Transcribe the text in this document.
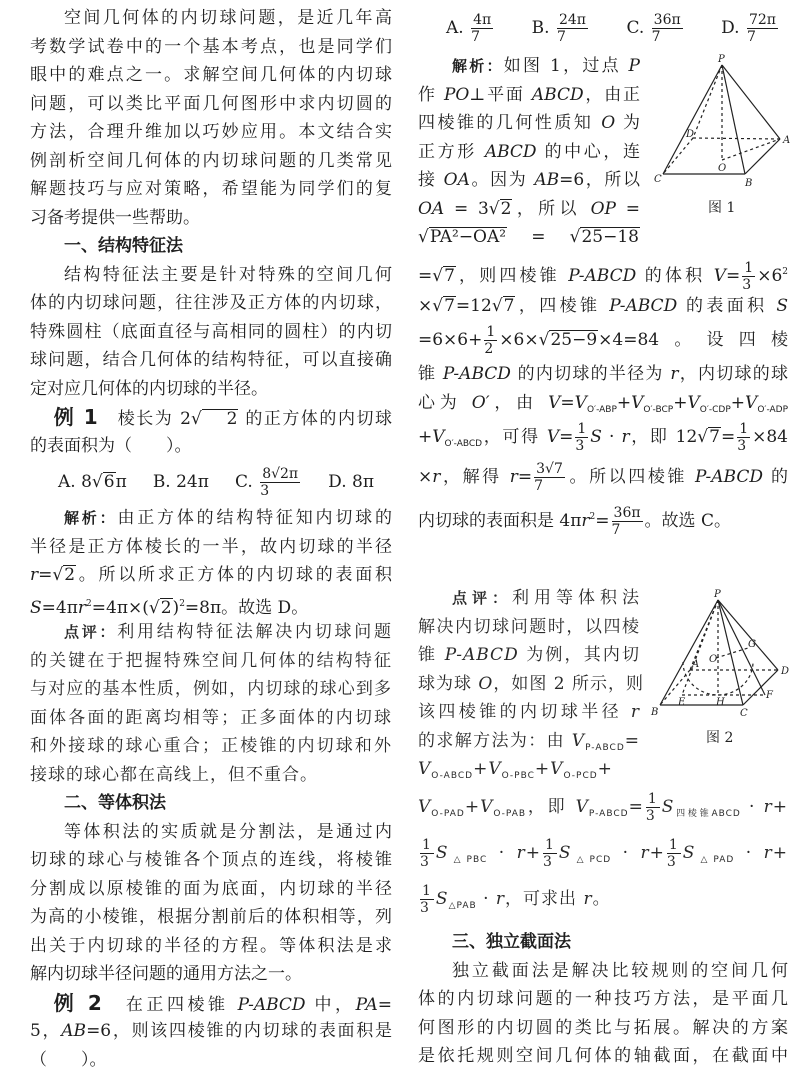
空间几何体的内切球问题，是近几年高
考数学试卷中的一个基本考点，也是同学们
眼中的难点之一。求解空间几何体的内切球
问题，可以类比平面几何图形中求内切圆的
方法，合理升维加以巧妙应用。本文结合实
例剖析空间几何体的内切球问题的几类常见
解题技巧与应对策略，希望能为同学们的复
习备考提供一些帮助。
一、结构特征法
结构特征法主要是针对特殊的空间几何
体的内切球问题，往往涉及正方体的内切球，
特殊圆柱（底面直径与高相同的圆柱）的内切
球问题，结合几何体的结构特征，可以直接确
定对应几何体的内切球的半径。
例 1　棱长为 2√ 2 的正方体的内切球
的表面积为（　　）。
A. 8√6π B. 24π C. $\frac{8√2\pi}{3} D$. 8π
解析：由正方体的结构特征知内切球的
半径是正方体棱长的一半，故内切球的半径
r=√2。所以所求正方体的内切球的表面积
$S=4\pi r^2=4\pi\times(√2)^2=8\pi$。故选 D。
点评：利用结构特征法解决内切球问题
的关键在于把握特殊空间几何体的结构特征
与对应的基本性质，例如，内切球的球心到多
面体各面的距离均相等；正多面体的内切球
和外接球的球心重合；正棱锥的内切球和外
接球的球心都在高线上，但不重合。
二、等体积法
等体积法的实质就是分割法，是通过内
切球的球心与棱锥各个顶点的连线，将棱锥
分割成以原棱锥的面为底面，内切球的半径
为高的小棱锥，根据分割前后的体积相等，列
出关于内切球的半径的方程。等体积法是求
解内切球半径问题的通用方法之一。
例 2　在正四棱锥 P-ABCD 中，PA=
5，AB=6，则该四棱锥的内切球的表面积是
（　　）。
A. $\frac{4\pi}{7} B$. $\frac{24\pi}{7} C$. $\frac{36\pi}{7} D$. $\frac{72\pi}{7}$
解析：如图 1，过点 P
作 PO⊥平面 ABCD，由正
四棱锥的几何性质知 O 为
正方形 ABCD 的中心，连
接 OA。因为 AB=6，所以
OA = 3√2，所以 OP =
√PA²−OA² = √25−18
=√7，则四棱锥 P-ABCD 的体积 $V= \frac{1}{3} \times 6^2$
×√7=12√7，四棱锥 P-ABCD 的表面积 S
$=6\times 6+ \frac{1}{2} \times 6\times√25-9\times 4=84$。设四棱
锥 P-ABCD 的内切球的半径为 r，内切球的球
心为 O′，由 $V=V_{O'-ABP}+V_{O'-BCP}+V_{O'-CDP}+V_{O'-ADP}$
$+V_{O'-ABCD}$，可得 $V= \frac{1}{3}$ S · r，即 $12√7= \frac{1}{3} \times 84$
×r，解得 $r= \frac{3√7}{7}$ 。所以四棱锥 P-ABCD 的
内切球的表面积是 $4\pi r^2= \frac{36\pi}{7}$ 。故选 C。
点评：利用等体积法
解决内切球问题时，以四棱
锥 P-ABCD 为例，其内切
球为球 O，如图 2 所示，则
该四棱锥的内切球半径 r
的求解方法为：由 $V_{P-ABCD}=$
$V_{O-ABCD}+V_{O-PBC}+V_{O-PCD}+$
$V_{O-PAD}+V_{O-PAB}$，即 $V_{P-ABCD}= \frac{1}{3} S_{四棱锥ABCD} \cdot r+$
$\frac{1}{3} S_{\triangle PBC} \cdot r+ \frac{1}{3} S_{\triangle PCD} \cdot r+ \frac{1}{3} S_{\triangle PAD} \cdot r+$
$\frac{1}{3} S_{\triangle PAB} \cdot r$，可求出 r。
三、独立截面法
独立截面法是解决比较规则的空间几何
体的内切球问题的一种技巧方法，是平面几
何图形的内切圆的类比与拓展。解决的方案
是依托规则空间几何体的轴截面，在截面中
P
A
B
C
D
O
图 1
P
A
B	C
D
O
E
F
G
H
图 2
